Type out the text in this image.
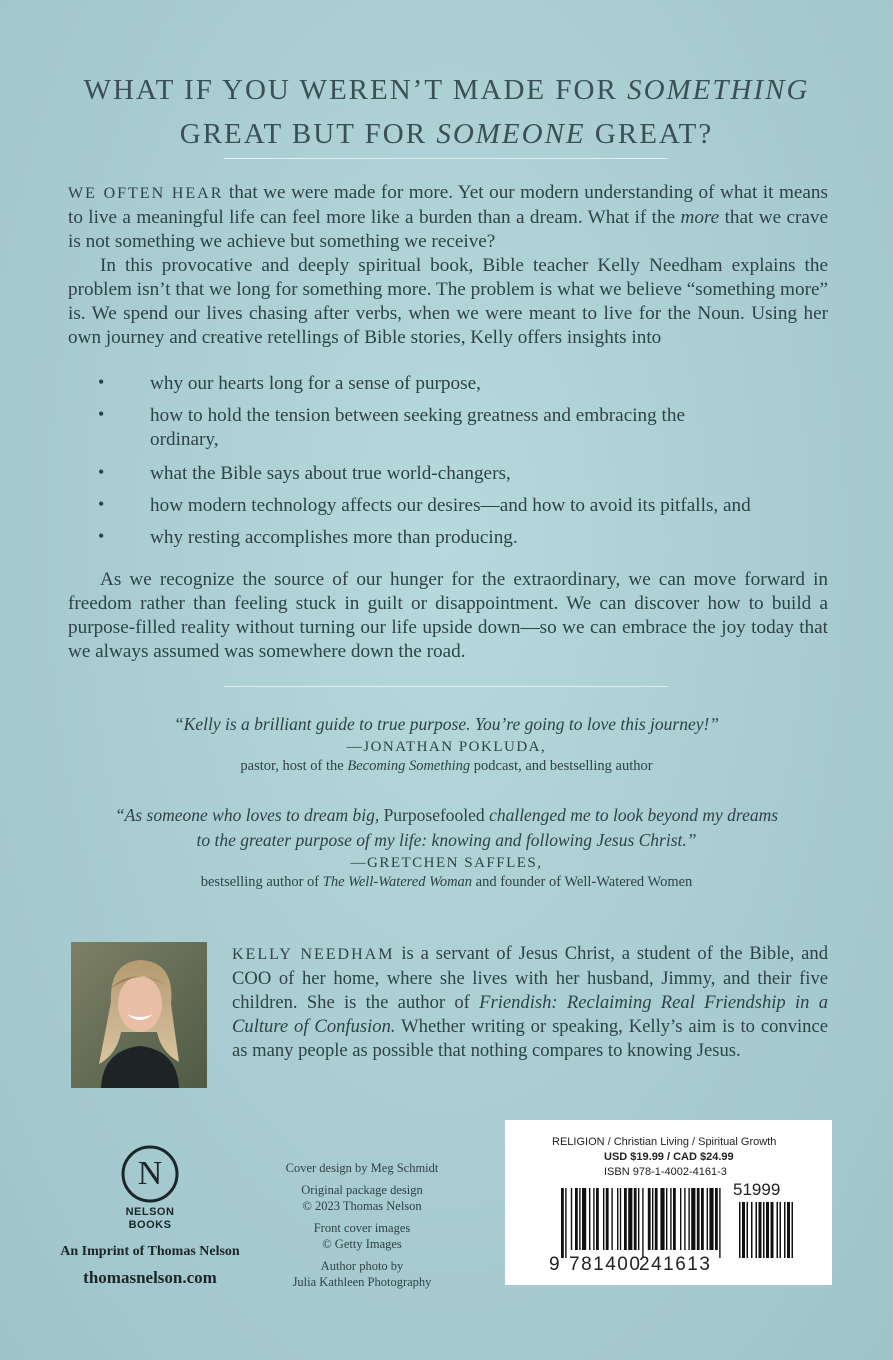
WHAT IF YOU WEREN’T MADE FOR SOMETHING
GREAT BUT FOR SOMEONE GREAT?

WE OFTEN HEAR that we were made for more. Yet our modern understanding of what it means to live a meaningful life can feel more like a burden than a dream. What if the more that we crave is not something we achieve but something we receive?

In this provocative and deeply spiritual book, Bible teacher Kelly Needham explains the problem isn’t that we long for something more. The problem is what we believe “something more” is. We spend our lives chasing after verbs, when we were meant to live for the Noun. Using her own journey and creative retellings of Bible stories, Kelly offers insights into

• why our hearts long for a sense of purpose,
• how to hold the tension between seeking greatness and embracing the ordinary,
• what the Bible says about true world-changers,
• how modern technology affects our desires—and how to avoid its pitfalls, and
• why resting accomplishes more than producing.

As we recognize the source of our hunger for the extraordinary, we can move forward in freedom rather than feeling stuck in guilt or disappointment. We can discover how to build a purpose-filled reality without turning our life upside down—so we can embrace the joy today that we always assumed was somewhere down the road.

“Kelly is a brilliant guide to true purpose. You’re going to love this journey!”
—JONATHAN POKLUDA,
pastor, host of the Becoming Something podcast, and bestselling author
“As someone who loves to dream big, Purposefooled challenged me to look beyond my dreams to the greater purpose of my life: knowing and following Jesus Christ.”
—GRETCHEN SAFFLES,
bestselling author of The Well-Watered Woman and founder of Well-Watered Women

KELLY NEEDHAM is a servant of Jesus Christ, a student of the Bible, and COO of her home, where she lives with her husband, Jimmy, and their five children. She is the author of Friendish: Reclaiming Real Friendship in a Culture of Confusion. Whether writing or speaking, Kelly’s aim is to convince as many people as possible that nothing compares to knowing Jesus.

N
NELSON
BOOKS
An Imprint of Thomas Nelson
thomasnelson.com
Cover design by Meg Schmidt
Original package design
© 2023 Thomas Nelson
Front cover images
© Getty Images
Author photo by
Julia Kathleen Photography
RELIGION / Christian Living / Spiritual Growth
USD $19.99 / CAD $24.99
ISBN 978-1-4002-4161-3
51999
9 781400
241613
